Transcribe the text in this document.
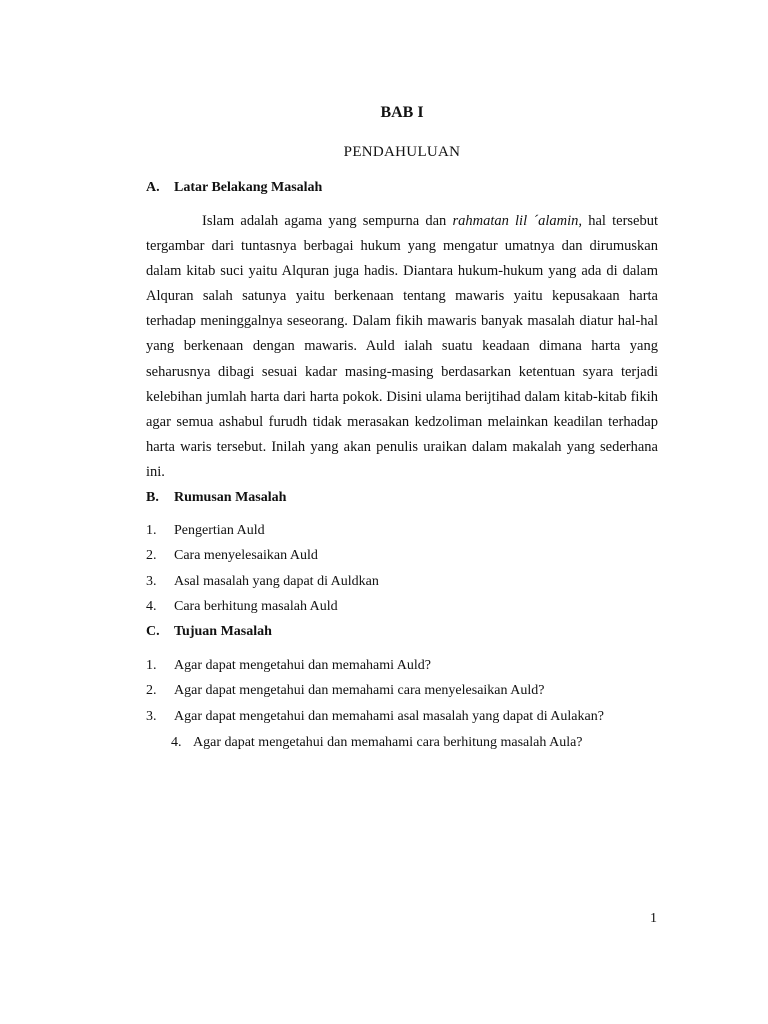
BAB I
PENDAHULUAN
A. Latar Belakang Masalah

Islam adalah agama yang sempurna dan rahmatan lil ´alamin, hal tersebut tergambar dari tuntasnya berbagai hukum yang mengatur umatnya dan dirumuskan dalam kitab suci yaitu Alquran juga hadis. Diantara hukum-hukum yang ada di dalam Alquran salah satunya yaitu berkenaan tentang mawaris yaitu kepusakaan harta terhadap meninggalnya seseorang. Dalam fikih mawaris banyak masalah diatur hal-hal yang berkenaan dengan mawaris. Auld ialah suatu keadaan dimana harta yang seharusnya dibagi sesuai kadar masing-masing berdasarkan ketentuan syara terjadi kelebihan jumlah harta dari harta pokok. Disini ulama berijtihad dalam kitab-kitab fikih agar semua ashabul furudh tidak merasakan kedzoliman melainkan keadilan terhadap harta waris tersebut. Inilah yang akan penulis uraikan dalam makalah yang sederhana ini.

B. Rumusan Masalah
1. Pengertian Auld
2. Cara menyelesaikan Auld
3. Asal masalah yang dapat di Auldkan
4. Cara berhitung masalah Auld
C. Tujuan Masalah
1. Agar dapat mengetahui dan memahami Auld?
2. Agar dapat mengetahui dan memahami cara menyelesaikan Auld?
3. Agar dapat mengetahui dan memahami asal masalah yang dapat di Aulakan?
4. Agar dapat mengetahui dan memahami cara berhitung masalah Aula?
1
